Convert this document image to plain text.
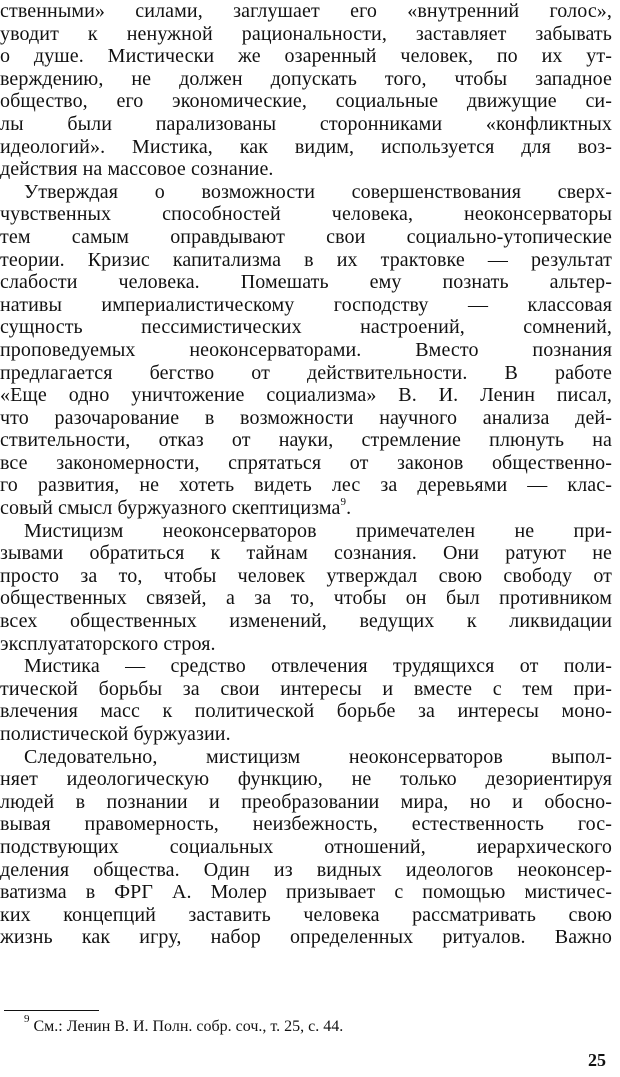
ственными» силами, заглушает его «внутренний голос»,
уводит к ненужной рациональности, заставляет забывать
о душе. Мистически же озаренный человек, по их ут-
верждению, не должен допускать того, чтобы западное
общество, его экономические, социальные движущие си-
лы были парализованы сторонниками «конфликтных
идеологий». Мистика, как видим, используется для воз-
действия на массовое сознание.
Утверждая о возможности совершенствования сверх-
чувственных способностей человека, неоконсерваторы
тем самым оправдывают свои социально-утопические
теории. Кризис капитализма в их трактовке — результат
слабости человека. Помешать ему познать альтер-
нативы империалистическому господству — классовая
сущность пессимистических настроений, сомнений,
проповедуемых неоконсерваторами. Вместо познания
предлагается бегство от действительности. В работе
«Еще одно уничтожение социализма» В. И. Ленин писал,
что разочарование в возможности научного анализа дей-
ствительности, отказ от науки, стремление плюнуть на
все закономерности, спрятаться от законов общественно-
го развития, не хотеть видеть лес за деревьями — клас-
совый смысл буржуазного скептицизма$^9$.
Мистицизм неоконсерваторов примечателен не при-
зывами обратиться к тайнам сознания. Они ратуют не
просто за то, чтобы человек утверждал свою свободу от
общественных связей, а за то, чтобы он был противником
всех общественных изменений, ведущих к ликвидации
эксплуататорского строя.
Мистика — средство отвлечения трудящихся от поли-
тической борьбы за свои интересы и вместе с тем при-
влечения масс к политической борьбе за интересы моно-
полистической буржуазии.
Следовательно, мистицизм неоконсерваторов выпол-
няет идеологическую функцию, не только дезориентируя
людей в познании и преобразовании мира, но и обосно-
вывая правомерность, неизбежность, естественность гос-
подствующих социальных отношений, иерархического
деления общества. Один из видных идеологов неоконсер-
ватизма в ФРГ А. Молер призывает с помощью мистичес-
ких концепций заставить человека рассматривать свою
жизнь как игру, набор определенных ритуалов. Важно
$^9$ См.: Ленин В. И. Полн. собр. соч., т. 25, с. 44.
25
